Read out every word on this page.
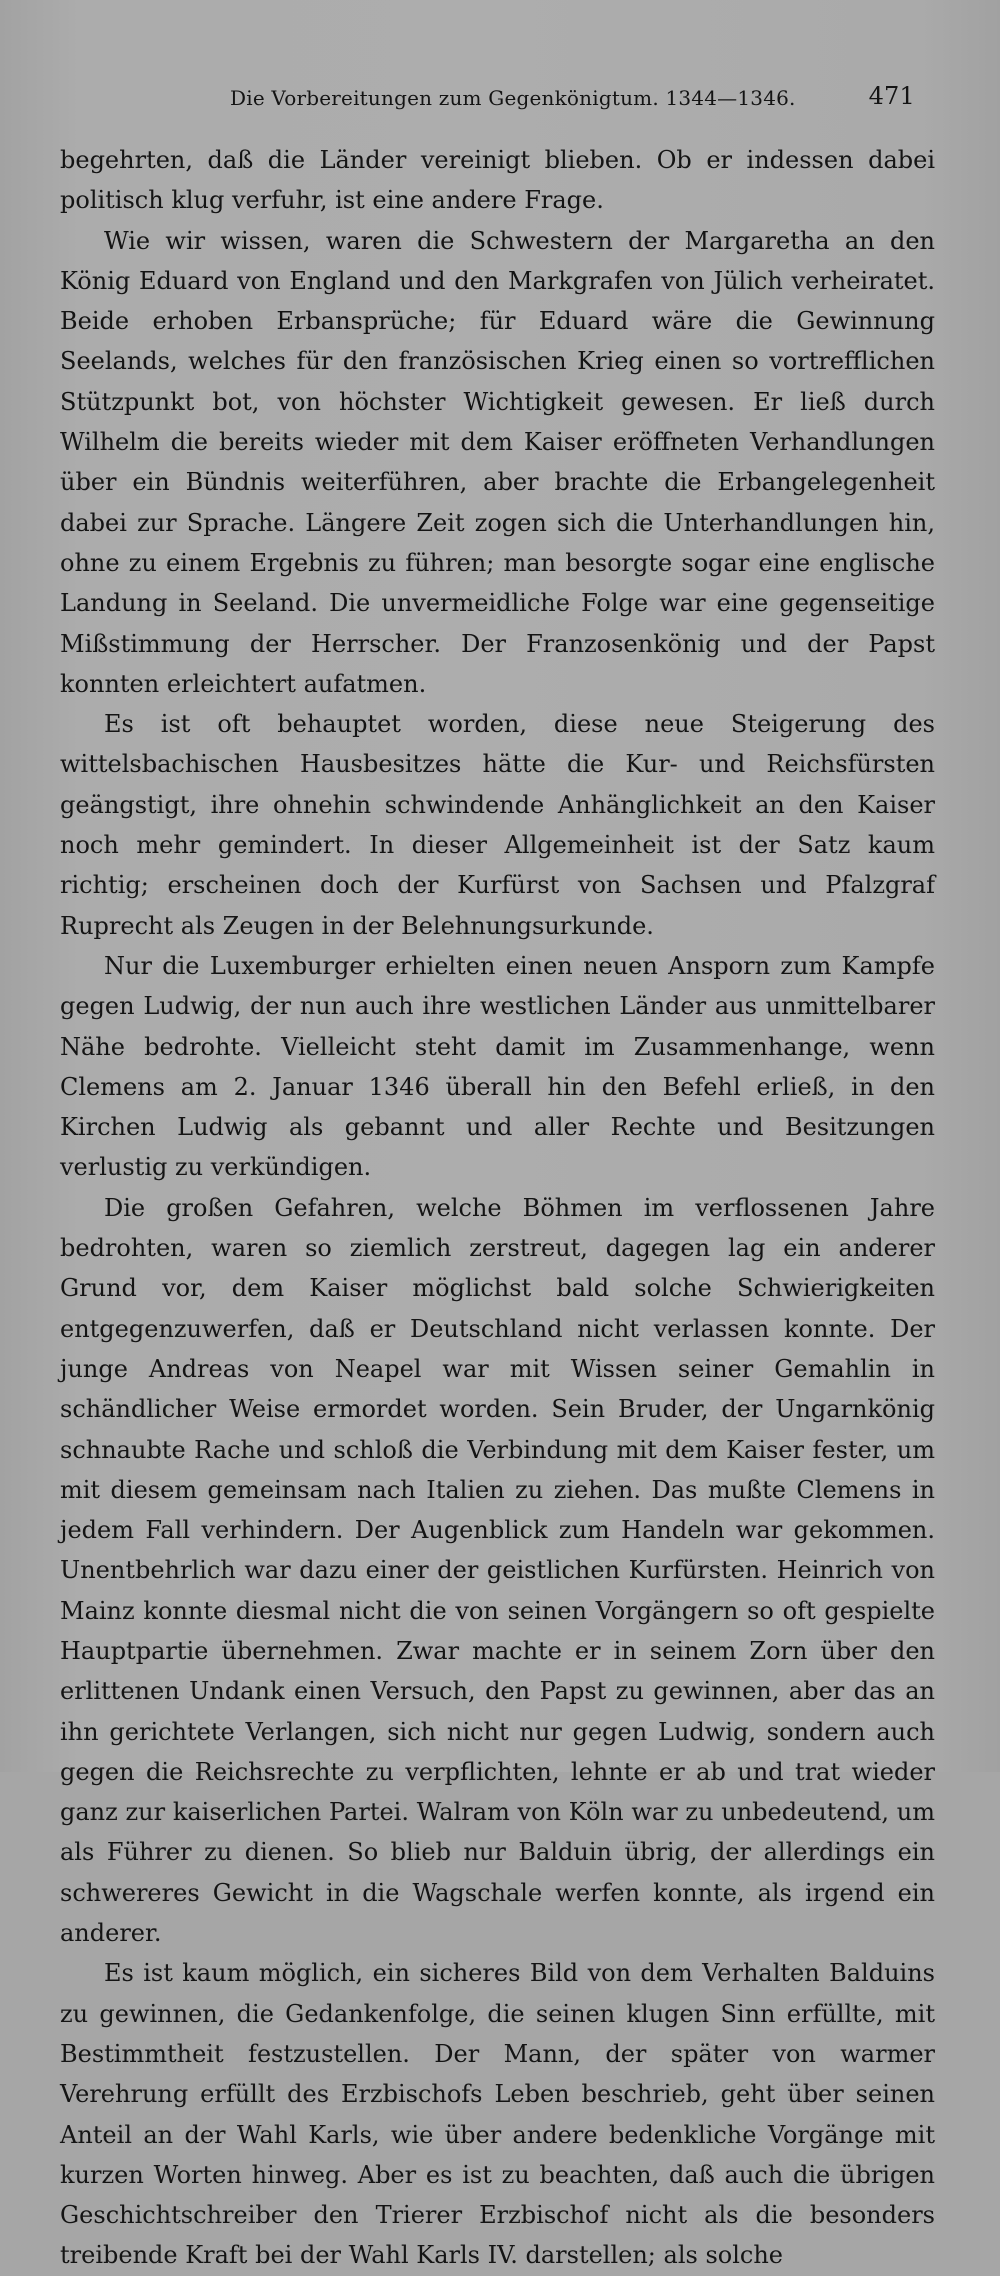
Die Vorbereitungen zum Gegenkönigtum. 1344—1346.	471

begehrten, daß die Länder vereinigt blieben. Ob er indessen dabei politisch klug verfuhr, ist eine andere Frage.

Wie wir wissen, waren die Schwestern der Margaretha an den König Eduard von England und den Markgrafen von Jülich verheiratet. Beide erhoben Erbansprüche; für Eduard wäre die Gewinnung Seelands, welches für den französischen Krieg einen so vortrefflichen Stützpunkt bot, von höchster Wichtigkeit gewesen. Er ließ durch Wilhelm die bereits wieder mit dem Kaiser eröffneten Verhandlungen über ein Bündnis weiterführen, aber brachte die Erbangelegenheit dabei zur Sprache. Längere Zeit zogen sich die Unterhandlungen hin, ohne zu einem Ergebnis zu führen; man besorgte sogar eine englische Landung in Seeland. Die unvermeidliche Folge war eine gegenseitige Mißstimmung der Herrscher. Der Franzosenkönig und der Papst konnten erleichtert aufatmen.

Es ist oft behauptet worden, diese neue Steigerung des wittelsbachischen Hausbesitzes hätte die Kur- und Reichsfürsten geängstigt, ihre ohnehin schwindende Anhänglichkeit an den Kaiser noch mehr gemindert. In dieser Allgemeinheit ist der Satz kaum richtig; erscheinen doch der Kurfürst von Sachsen und Pfalzgraf Ruprecht als Zeugen in der Belehnungsurkunde.

Nur die Luxemburger erhielten einen neuen Ansporn zum Kampfe gegen Ludwig, der nun auch ihre westlichen Länder aus unmittelbarer Nähe bedrohte. Vielleicht steht damit im Zusammenhange, wenn Clemens am 2. Januar 1346 überall hin den Befehl erließ, in den Kirchen Ludwig als gebannt und aller Rechte und Besitzungen verlustig zu verkündigen.

Die großen Gefahren, welche Böhmen im verflossenen Jahre bedrohten, waren so ziemlich zerstreut, dagegen lag ein anderer Grund vor, dem Kaiser möglichst bald solche Schwierigkeiten entgegenzuwerfen, daß er Deutschland nicht verlassen konnte. Der junge Andreas von Neapel war mit Wissen seiner Gemahlin in schändlicher Weise ermordet worden. Sein Bruder, der Ungarnkönig schnaubte Rache und schloß die Verbindung mit dem Kaiser fester, um mit diesem gemeinsam nach Italien zu ziehen. Das mußte Clemens in jedem Fall verhindern. Der Augenblick zum Handeln war gekommen. Unentbehrlich war dazu einer der geistlichen Kurfürsten. Heinrich von Mainz konnte diesmal nicht die von seinen Vorgängern so oft gespielte Hauptpartie übernehmen. Zwar machte er in seinem Zorn über den erlittenen Undank einen Versuch, den Papst zu gewinnen, aber das an ihn gerichtete Verlangen, sich nicht nur gegen Ludwig, sondern auch gegen die Reichsrechte zu verpflichten, lehnte er ab und trat wieder ganz zur kaiserlichen Partei. Walram von Köln war zu unbedeutend, um als Führer zu dienen. So blieb nur Balduin übrig, der allerdings ein schwereres Gewicht in die Wagschale werfen konnte, als irgend ein anderer.

Es ist kaum möglich, ein sicheres Bild von dem Verhalten Balduins zu gewinnen, die Gedankenfolge, die seinen klugen Sinn erfüllte, mit Bestimmtheit festzustellen. Der Mann, der später von warmer Verehrung erfüllt des Erzbischofs Leben beschrieb, geht über seinen Anteil an der Wahl Karls, wie über andere bedenkliche Vorgänge mit kurzen Worten hinweg. Aber es ist zu beachten, daß auch die übrigen Geschichtschreiber den Trierer Erzbischof nicht als die besonders treibende Kraft bei der Wahl Karls IV. darstellen; als solche
